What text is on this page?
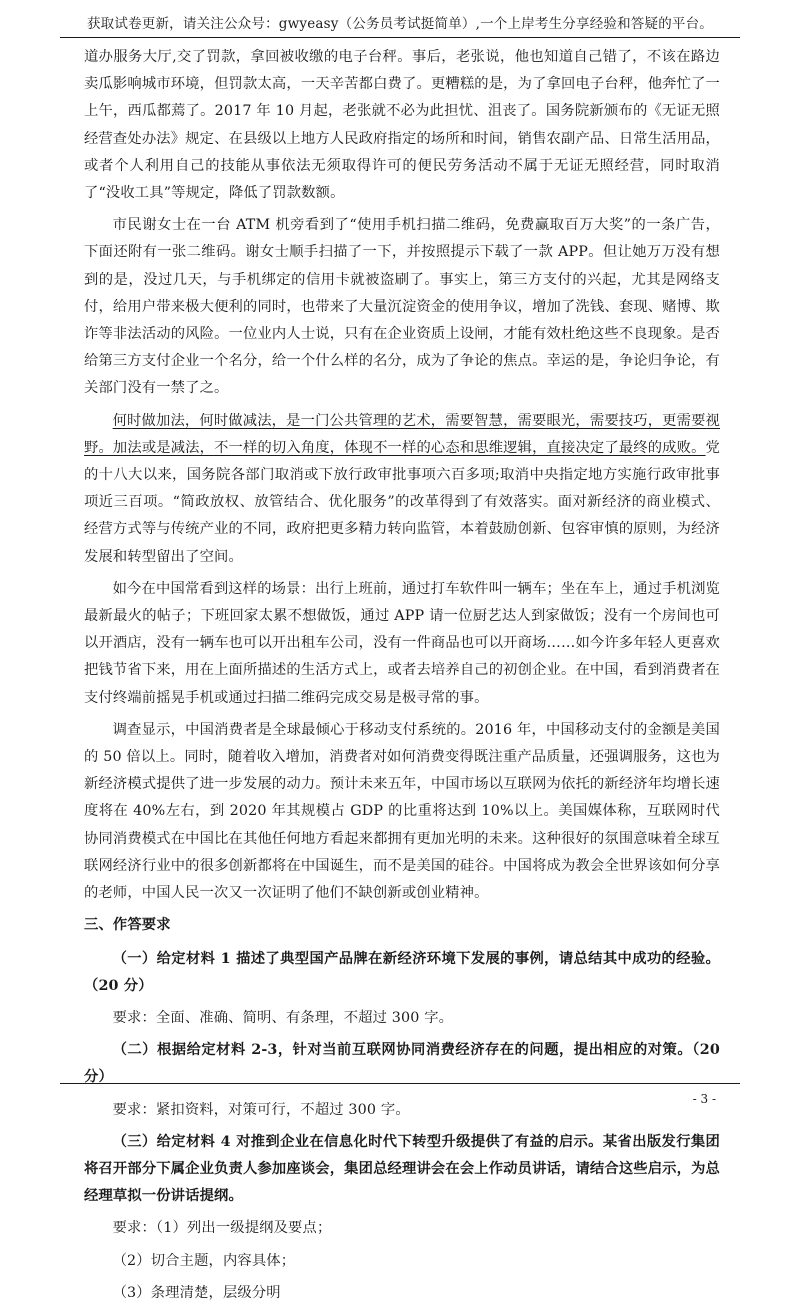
获取试卷更新，请关注公众号：gwyeasy（公务员考试挺简单）,一个上岸考生分享经验和答疑的平台。

道办服务大厅,交了罚款，拿回被收缴的电子台秤。事后，老张说，他也知道自己错了，不该在路边卖瓜影响城市环境，但罚款太高，一天辛苦都白费了。更糟糕的是，为了拿回电子台秤，他奔忙了一上午，西瓜都蔫了。2017 年 10 月起，老张就不必为此担忧、沮丧了。国务院新颁布的《无证无照经营查处办法》规定、在县级以上地方人民政府指定的场所和时间，销售农副产品、日常生活用品，或者个人利用自己的技能从事依法无须取得许可的便民劳务活动不属于无证无照经营，同时取消了“没收工具”等规定，降低了罚款数额。

市民谢女士在一台 ATM 机旁看到了“使用手机扫描二维码，免费赢取百万大奖”的一条广告，下面还附有一张二维码。谢女士顺手扫描了一下，并按照提示下载了一款 APP。但让她万万没有想到的是，没过几天，与手机绑定的信用卡就被盗刷了。事实上，第三方支付的兴起，尤其是网络支付，给用户带来极大便利的同时，也带来了大量沉淀资金的使用争议，增加了洗钱、套现、赌博、欺诈等非法活动的风险。一位业内人士说，只有在企业资质上设闸，才能有效杜绝这些不良现象。是否给第三方支付企业一个名分，给一个什么样的名分，成为了争论的焦点。幸运的是，争论归争论，有关部门没有一禁了之。

何时做加法，何时做减法，是一门公共管理的艺术，需要智慧，需要眼光，需要技巧，更需要视野。加法或是减法，不一样的切入角度，体现不一样的心态和思维逻辑，直接决定了最终的成败。党的十八大以来，国务院各部门取消或下放行政审批事项六百多项;取消中央指定地方实施行政审批事项近三百项。“简政放权、放管结合、优化服务”的改革得到了有效落实。面对新经济的商业模式、经营方式等与传统产业的不同，政府把更多精力转向监管，本着鼓励创新、包容审慎的原则，为经济发展和转型留出了空间。

如今在中国常看到这样的场景：出行上班前，通过打车软件叫一辆车；坐在车上，通过手机浏览最新最火的帖子；下班回家太累不想做饭，通过 APP 请一位厨艺达人到家做饭；没有一个房间也可以开酒店，没有一辆车也可以开出租车公司，没有一件商品也可以开商场……如今许多年轻人更喜欢把钱节省下来，用在上面所描述的生活方式上，或者去培养自己的初创企业。在中国，看到消费者在支付终端前摇晃手机或通过扫描二维码完成交易是极寻常的事。

调查显示，中国消费者是全球最倾心于移动支付系统的。2016 年，中国移动支付的金额是美国的 50 倍以上。同时，随着收入增加，消费者对如何消费变得既注重产品质量，还强调服务，这也为新经济模式提供了进一步发展的动力。预计未来五年，中国市场以互联网为依托的新经济年均增长速度将在 40%左右，到 2020 年其规模占 GDP 的比重将达到 10%以上。美国媒体称，互联网时代协同消费模式在中国比在其他任何地方看起来都拥有更加光明的未来。这种很好的氛围意味着全球互联网经济行业中的很多创新都将在中国诞生，而不是美国的硅谷。中国将成为教会全世界该如何分享的老师，中国人民一次又一次证明了他们不缺创新或创业精神。

三、作答要求

（一）给定材料 1 描述了典型国产品牌在新经济环境下发展的事例，请总结其中成功的经验。（20 分）

要求：全面、准确、简明、有条理，不超过 300 字。

（二）根据给定材料 2-3，针对当前互联网协同消费经济存在的问题，提出相应的对策。（20 分）

要求：紧扣资料，对策可行，不超过 300 字。

（三）给定材料 4 对推到企业在信息化时代下转型升级提供了有益的启示。某省出版发行集团将召开部分下属企业负责人参加座谈会，集团总经理讲会在会上作动员讲话，请结合这些启示，为总经理草拟一份讲话提纲。

要求：（1）列出一级提纲及要点；

（2）切合主题，内容具体；

（3）条理清楚，层级分明

- 3 -
